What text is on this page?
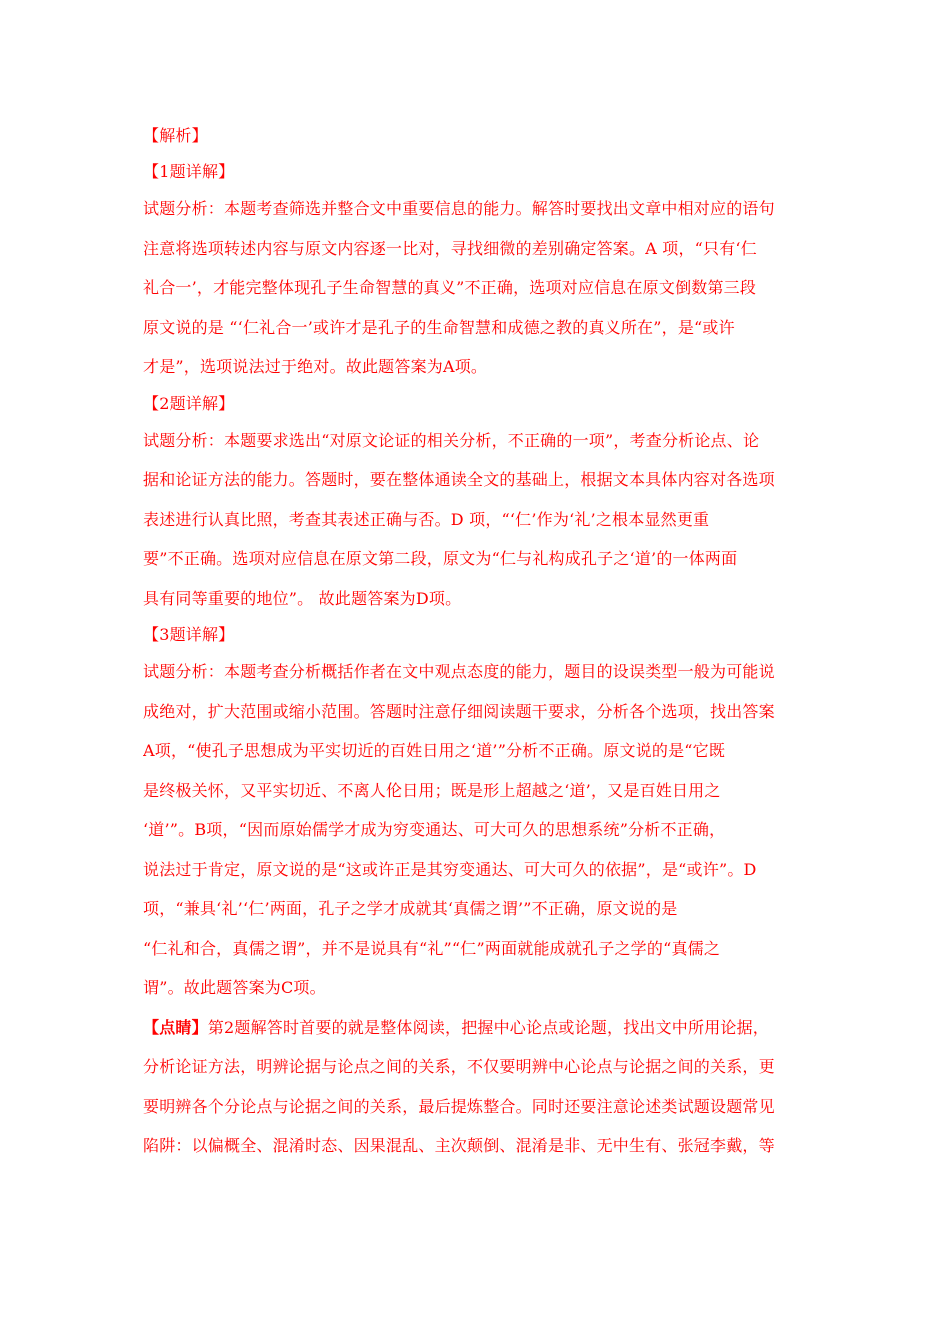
【解析】
【1题详解】
试题分析：本题考查筛选并整合文中重要信息的能力。解答时要找出文章中相对应的语句
注意将选项转述内容与原文内容逐一比对，寻找细微的差别确定答案。A 项，“只有‘仁
礼合一’，才能完整体现孔子生命智慧的真义”不正确，选项对应信息在原文倒数第三段
原文说的是 “‘仁礼合一’或许才是孔子的生命智慧和成德之教的真义所在”，是“或许
才是”，选项说法过于绝对。故此题答案为A项。
【2题详解】
试题分析：本题要求选出“对原文论证的相关分析，不正确的一项”，考查分析论点、论
据和论证方法的能力。答题时，要在整体通读全文的基础上，根据文本具体内容对各选项
表述进行认真比照，考查其表述正确与否。D 项，“‘仁’作为‘礼’之根本显然更重
要”不正确。选项对应信息在原文第二段，原文为“仁与礼构成孔子之‘道’的一体两面
具有同等重要的地位”。 故此题答案为D项。
【3题详解】
试题分析：本题考查分析概括作者在文中观点态度的能力，题目的设误类型一般为可能说
成绝对，扩大范围或缩小范围。答题时注意仔细阅读题干要求，分析各个选项，找出答案
A项，“使孔子思想成为平实切近的百姓日用之‘道’”分析不正确。原文说的是“它既
是终极关怀，又平实切近、不离人伦日用；既是形上超越之‘道’，又是百姓日用之
‘道’”。B项，“因而原始儒学才成为穷变通达、可大可久的思想系统”分析不正确，
说法过于肯定，原文说的是“这或许正是其穷变通达、可大可久的依据”，是“或许”。D
项，“兼具‘礼’‘仁’两面，孔子之学才成就其‘真儒之谓’”不正确，原文说的是
“仁礼和合，真儒之谓”，并不是说具有“礼”“仁”两面就能成就孔子之学的“真儒之
谓”。故此题答案为C项。
【点睛】第2题解答时首要的就是整体阅读，把握中心论点或论题，找出文中所用论据，
分析论证方法，明辨论据与论点之间的关系，不仅要明辨中心论点与论据之间的关系，更
要明辨各个分论点与论据之间的关系，最后提炼整合。同时还要注意论述类试题设题常见
陷阱：以偏概全、混淆时态、因果混乱、主次颠倒、混淆是非、无中生有、张冠李戴，等
